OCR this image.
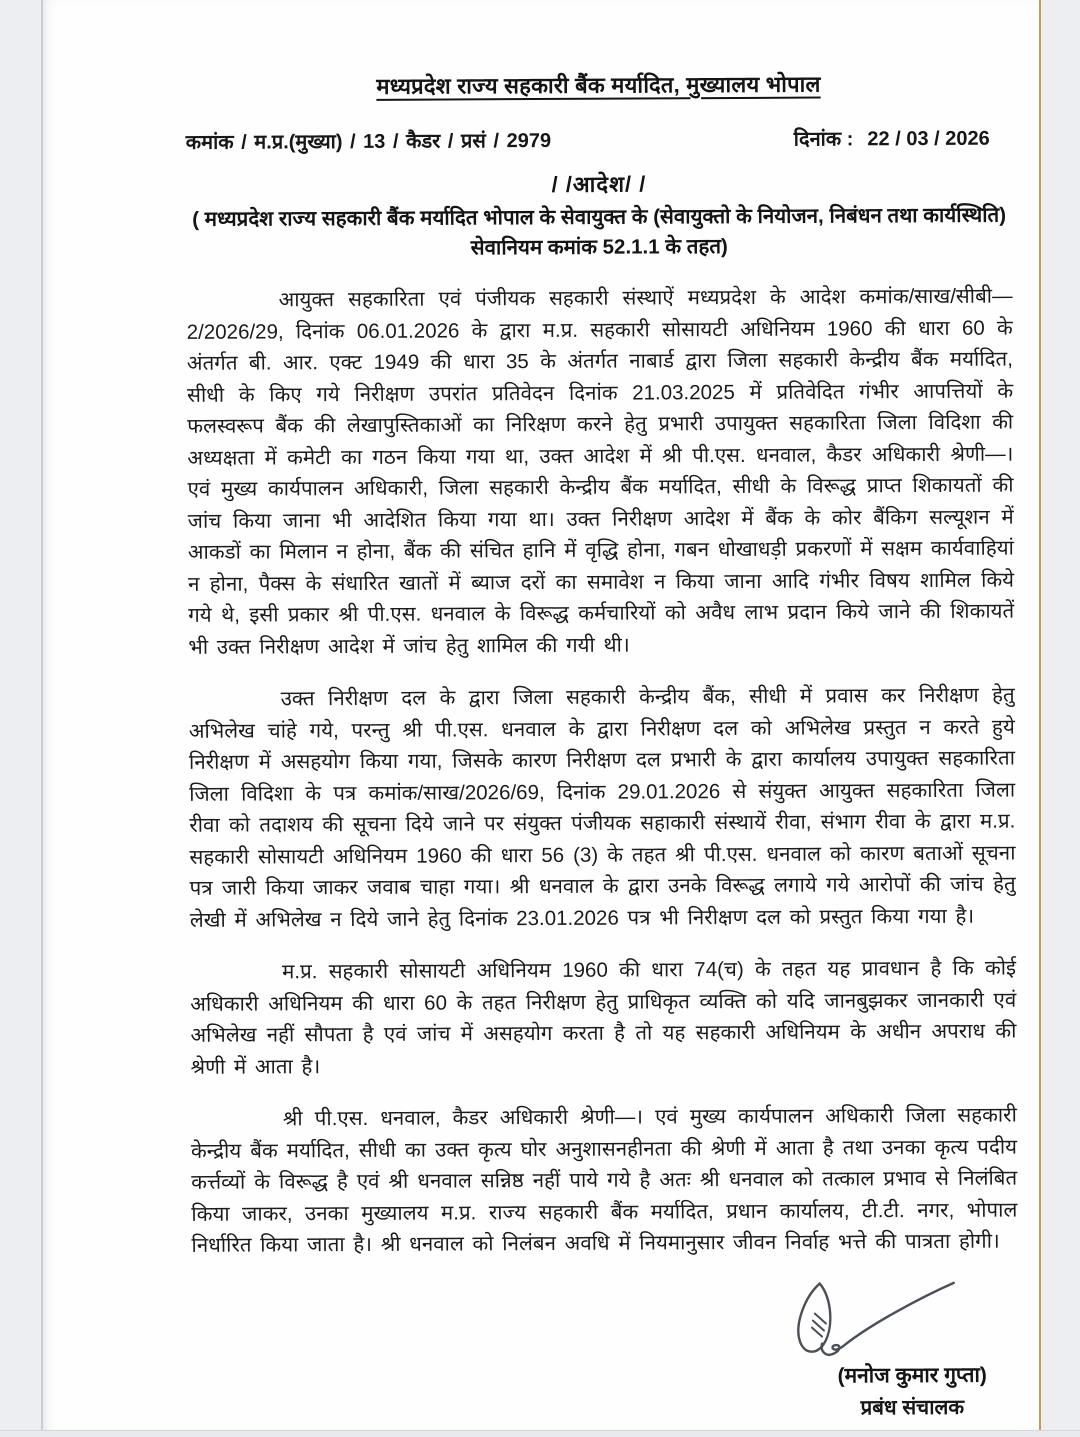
मध्यप्रदेश राज्य सहकारी बैंक मर्यादित, मुख्यालय भोपाल
कमांक / म.प्र.(मुख्या) / 13 / कैडर / प्रसं / 2979	दिनांक : 22 / 03 / 2026
/ /आदेश/ /
( मध्यप्रदेश राज्य सहकारी बैंक मर्यादित भोपाल के सेवायुक्त के (सेवायुक्तो के नियोजन, निबंधन तथा कार्यस्थिति) सेवानियम कमांक 52.1.1 के तहत)

आयुक्त सहकारिता एवं पंजीयक सहकारी संस्थाऐं मध्यप्रदेश के आदेश कमांक/साख/सीबी—2/2026/29, दिनांक 06.01.2026 के द्वारा म.प्र. सहकारी सोसायटी अधिनियम 1960 की धारा 60 के अंतर्गत बी. आर. एक्ट 1949 की धारा 35 के अंतर्गत नाबार्ड द्वारा जिला सहकारी केन्द्रीय बैंक मर्यादित, सीधी के किए गये निरीक्षण उपरांत प्रतिवेदन दिनांक 21.03.2025 में प्रतिवेदित गंभीर आपत्तियों के फलस्वरूप बैंक की लेखापुस्तिकाओं का निरिक्षण करने हेतु प्रभारी उपायुक्त सहकारिता जिला विदिशा की अध्यक्षता में कमेटी का गठन किया गया था, उक्त आदेश में श्री पी.एस. धनवाल, कैडर अधिकारी श्रेणी—। एवं मुख्य कार्यपालन अधिकारी, जिला सहकारी केन्द्रीय बैंक मर्यादित, सीधी के विरूद्ध प्राप्त शिकायतों की जांच किया जाना भी आदेशित किया गया था। उक्त निरीक्षण आदेश में बैंक के कोर बैंकिग सल्यूशन में आकडों का मिलान न होना, बैंक की संचित हानि में वृद्धि होना, गबन धोखाधड़ी प्रकरणों में सक्षम कार्यवाहियां न होना, पैक्स के संधारित खातों में ब्याज दरों का समावेश न किया जाना आदि गंभीर विषय शामिल किये गये थे, इसी प्रकार श्री पी.एस. धनवाल के विरूद्ध कर्मचारियों को अवैध लाभ प्रदान किये जाने की शिकायतें भी उक्त निरीक्षण आदेश में जांच हेतु शामिल की गयी थी।

उक्त निरीक्षण दल के द्वारा जिला सहकारी केन्द्रीय बैंक, सीधी में प्रवास कर निरीक्षण हेतु अभिलेख चांहे गये, परन्तु श्री पी.एस. धनवाल के द्वारा निरीक्षण दल को अभिलेख प्रस्तुत न करते हुये निरीक्षण में असहयोग किया गया, जिसके कारण निरीक्षण दल प्रभारी के द्वारा कार्यालय उपायुक्त सहकारिता जिला विदिशा के पत्र कमांक/साख/2026/69, दिनांक 29.01.2026 से संयुक्त आयुक्त सहकारिता जिला रीवा को तदाशय की सूचना दिये जाने पर संयुक्त पंजीयक सहाकारी संस्थायें रीवा, संभाग रीवा के द्वारा म.प्र. सहकारी सोसायटी अधिनियम 1960 की धारा 56 (3) के तहत श्री पी.एस. धनवाल को कारण बताओं सूचना पत्र जारी किया जाकर जवाब चाहा गया। श्री धनवाल के द्वारा उनके विरूद्ध लगाये गये आरोपों की जांच हेतु लेखी में अभिलेख न दिये जाने हेतु दिनांक 23.01.2026 पत्र भी निरीक्षण दल को प्रस्तुत किया गया है।

म.प्र. सहकारी सोसायटी अधिनियम 1960 की धारा 74(च) के तहत यह प्रावधान है कि कोई अधिकारी अधिनियम की धारा 60 के तहत निरीक्षण हेतु प्राधिकृत व्यक्ति को यदि जानबुझकर जानकारी एवं अभिलेख नहीं सौपता है एवं जांच में असहयोग करता है तो यह सहकारी अधिनियम के अधीन अपराध की श्रेणी में आता है।

श्री पी.एस. धनवाल, कैडर अधिकारी श्रेणी—। एवं मुख्य कार्यपालन अधिकारी जिला सहकारी केन्द्रीय बैंक मर्यादित, सीधी का उक्त कृत्य घोर अनुशासनहीनता की श्रेणी में आता है तथा उनका कृत्य पदीय कर्त्तव्यों के विरूद्ध है एवं श्री धनवाल सन्निष्ठ नहीं पाये गये है अतः श्री धनवाल को तत्काल प्रभाव से निलंबित किया जाकर, उनका मुख्यालय म.प्र. राज्य सहकारी बैंक मर्यादित, प्रधान कार्यालय, टी.टी. नगर, भोपाल निर्धारित किया जाता है। श्री धनवाल को निलंबन अवधि में नियमानुसार जीवन निर्वाह भत्ते की पात्रता होगी।

(मनोज कुमार गुप्ता)

प्रबंध संचालक
